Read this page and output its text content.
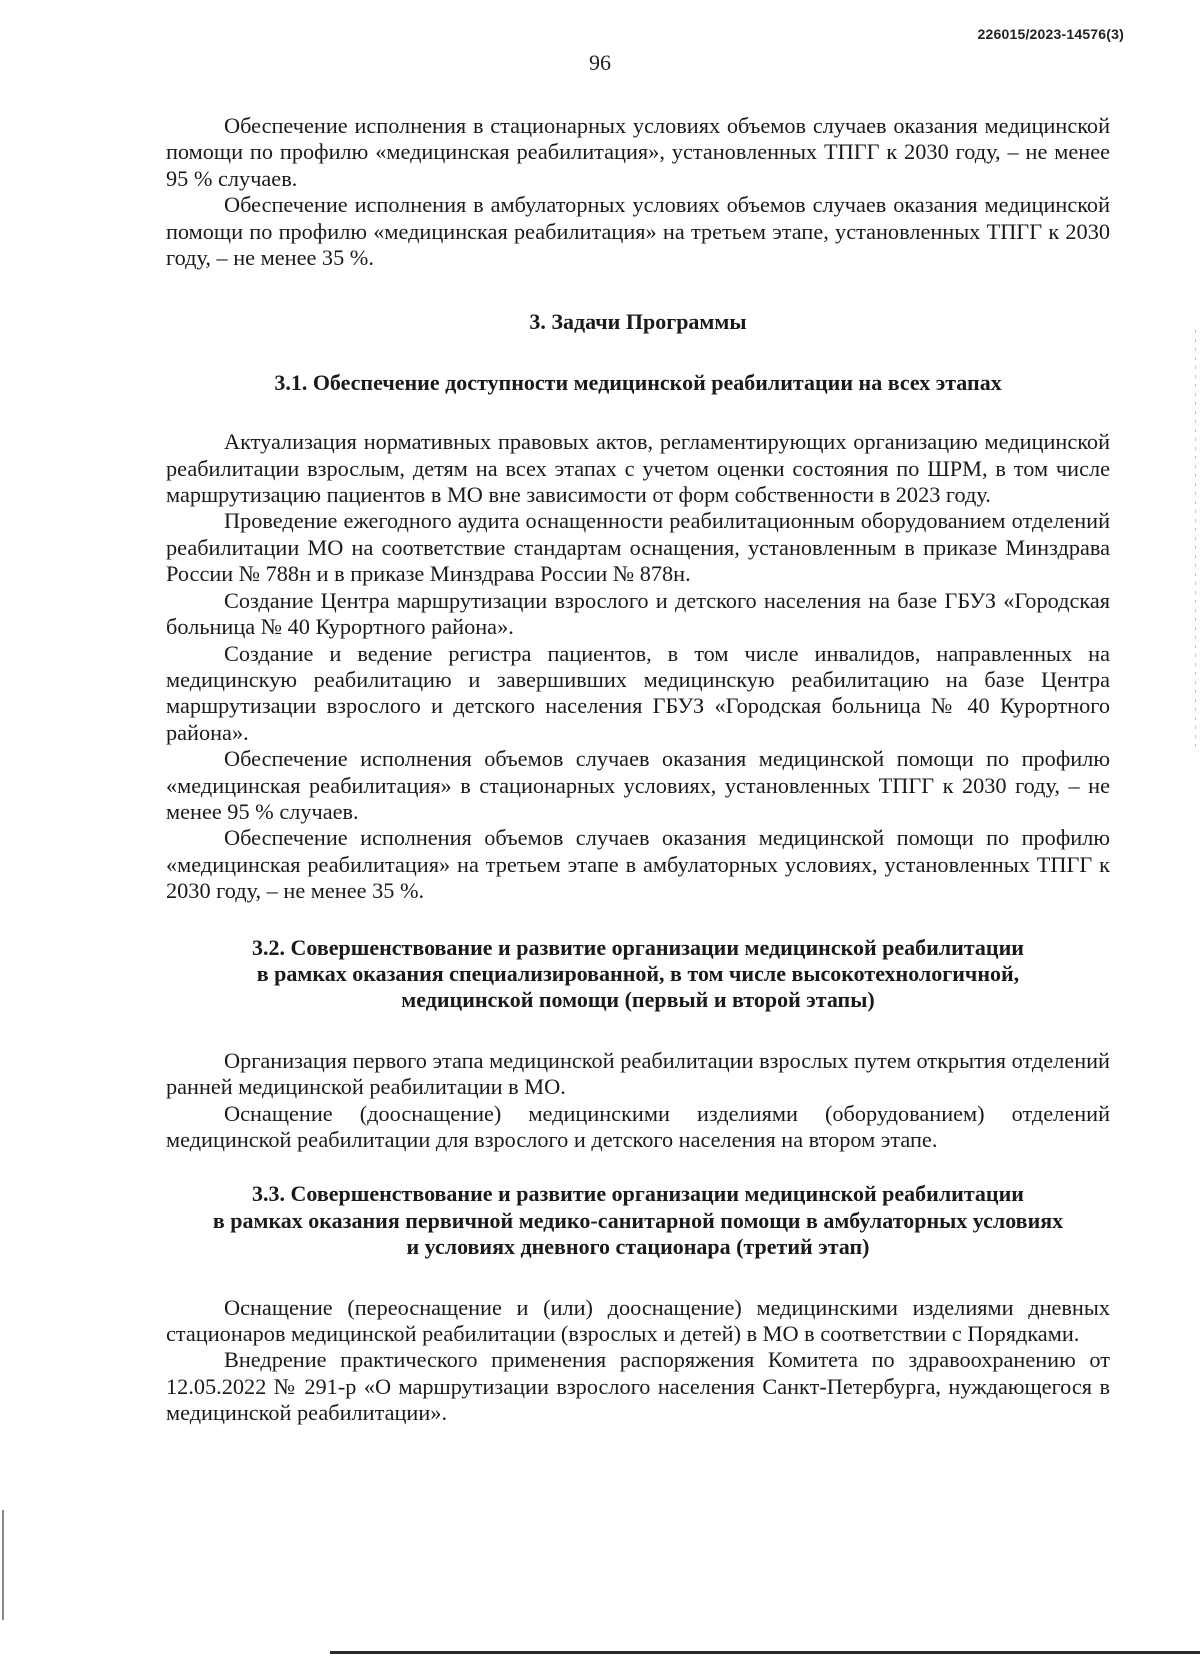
226015/2023-14576(3)
96

Обеспечение исполнения в стационарных условиях объемов случаев оказания медицинской помощи по профилю «медицинская реабилитация», установленных ТПГГ к 2030 году, – не менее 95 % случаев.

Обеспечение исполнения в амбулаторных условиях объемов случаев оказания медицинской помощи по профилю «медицинская реабилитация» на третьем этапе, установленных ТПГГ к 2030 году, – не менее 35 %.

3. Задачи Программы
3.1. Обеспечение доступности медицинской реабилитации на всех этапах

Актуализация нормативных правовых актов, регламентирующих организацию медицинской реабилитации взрослым, детям на всех этапах с учетом оценки состояния по ШРМ, в том числе маршрутизацию пациентов в МО вне зависимости от форм собственности в 2023 году.

Проведение ежегодного аудита оснащенности реабилитационным оборудованием отделений реабилитации МО на соответствие стандартам оснащения, установленным в приказе Минздрава России № 788н и в приказе Минздрава России № 878н.

Создание Центра маршрутизации взрослого и детского населения на базе ГБУЗ «Городская больница № 40 Курортного района».

Создание и ведение регистра пациентов, в том числе инвалидов, направленных на медицинскую реабилитацию и завершивших медицинскую реабилитацию на базе Центра маршрутизации взрослого и детского населения ГБУЗ «Городская больница № 40 Курортного района».

Обеспечение исполнения объемов случаев оказания медицинской помощи по профилю «медицинская реабилитация» в стационарных условиях, установленных ТПГГ к 2030 году, – не менее 95 % случаев.

Обеспечение исполнения объемов случаев оказания медицинской помощи по профилю «медицинская реабилитация» на третьем этапе в амбулаторных условиях, установленных ТПГГ к 2030 году, – не менее 35 %.

3.2. Совершенствование и развитие организации медицинской реабилитации
в рамках оказания специализированной, в том числе высокотехнологичной,
медицинской помощи (первый и второй этапы)

Организация первого этапа медицинской реабилитации взрослых путем открытия отделений ранней медицинской реабилитации в МО.

Оснащение (дооснащение) медицинскими изделиями (оборудованием) отделений медицинской реабилитации для взрослого и детского населения на втором этапе.

3.3. Совершенствование и развитие организации медицинской реабилитации
в рамках оказания первичной медико-санитарной помощи в амбулаторных условиях
и условиях дневного стационара (третий этап)

Оснащение (переоснащение и (или) дооснащение) медицинскими изделиями дневных стационаров медицинской реабилитации (взрослых и детей) в МО в соответствии с Порядками.

Внедрение практического применения распоряжения Комитета по здравоохранению от 12.05.2022 № 291-р «О маршрутизации взрослого населения Санкт-Петербурга, нуждающегося в медицинской реабилитации».
